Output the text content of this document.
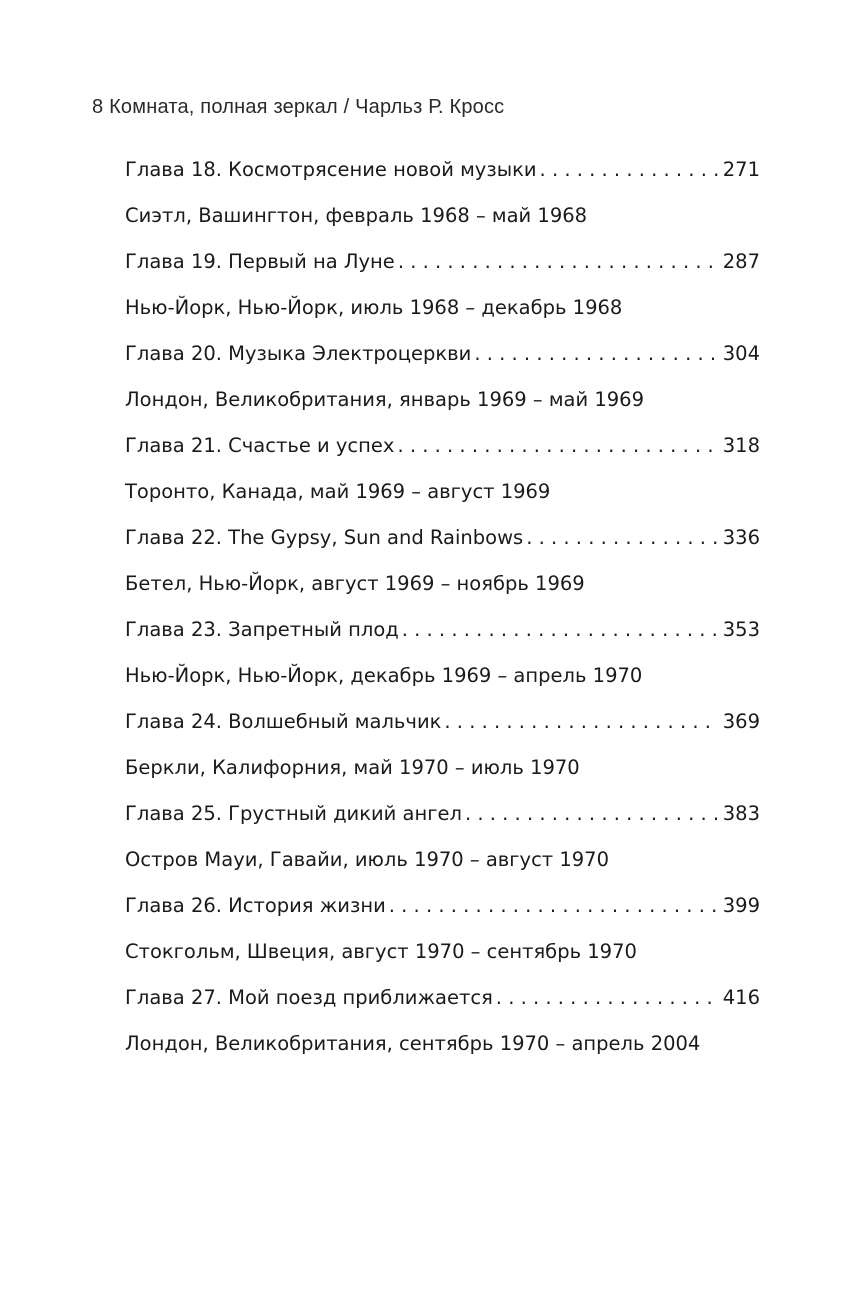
8 Комната, полная зеркал / Чарльз Р. Кросс
Глава 18. Космотрясение новой музыки . . .	271
Сиэтл, Вашингтон, февраль 1968 – май 1968
Глава 19. Первый на Луне . . .	287
Нью-Йорк, Нью-Йорк, июль 1968 – декабрь 1968
Глава 20. Музыка Электроцеркви . . .	304
Лондон, Великобритания, январь 1969 – май 1969
Глава 21. Счастье и успех . . .	318
Торонто, Канада, май 1969 – август 1969
Глава 22. The Gypsy, Sun and Rainbows . . .	336
Бетел, Нью-Йорк, август 1969 – ноябрь 1969
Глава 23. Запретный плод . . .	353
Нью-Йорк, Нью-Йорк, декабрь 1969 – апрель 1970
Глава 24. Волшебный мальчик . . .	369
Беркли, Калифорния, май 1970 – июль 1970
Глава 25. Грустный дикий ангел . . .	383
Остров Мауи, Гавайи, июль 1970 – август 1970
Глава 26. История жизни . . .	399
Стокгольм, Швеция, август 1970 – сентябрь 1970
Глава 27. Мой поезд приближается . . .	416
Лондон, Великобритания, сентябрь 1970 – апрель 2004
